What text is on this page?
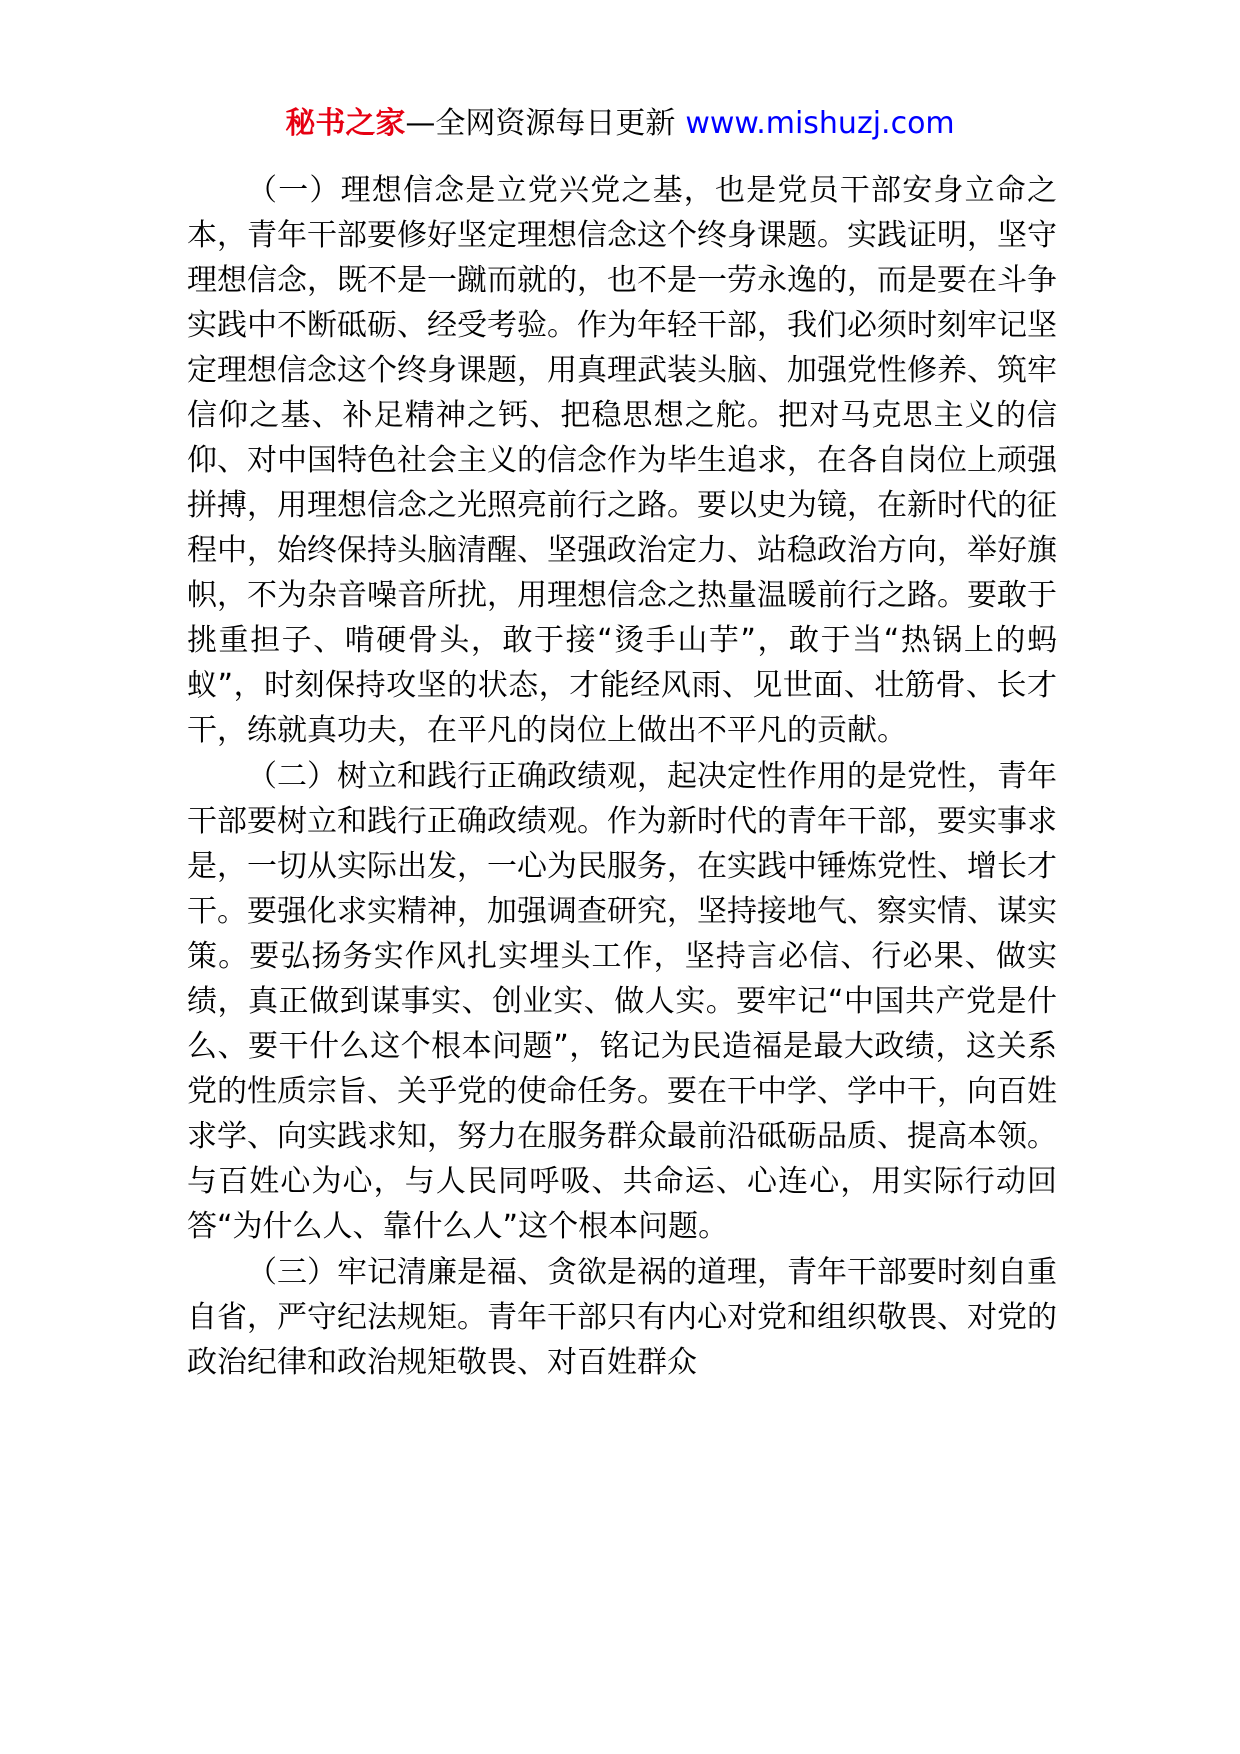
秘书之家—全网资源每日更新 www.mishuzj.com

（一）理想信念是立党兴党之基，也是党员干部安身立命之本，青年干部要修好坚定理想信念这个终身课题。实践证明，坚守理想信念，既不是一蹴而就的，也不是一劳永逸的，而是要在斗争实践中不断砥砺、经受考验。作为年轻干部，我们必须时刻牢记坚定理想信念这个终身课题，用真理武装头脑、加强党性修养、筑牢信仰之基、补足精神之钙、把稳思想之舵。把对马克思主义的信仰、对中国特色社会主义的信念作为毕生追求，在各自岗位上顽强拼搏，用理想信念之光照亮前行之路。要以史为镜，在新时代的征程中，始终保持头脑清醒、坚强政治定力、站稳政治方向，举好旗帜，不为杂音噪音所扰，用理想信念之热量温暖前行之路。要敢于挑重担子、啃硬骨头，敢于接“烫手山芋”，敢于当“热锅上的蚂蚁”，时刻保持攻坚的状态，才能经风雨、见世面、壮筋骨、长才干，练就真功夫，在平凡的岗位上做出不平凡的贡献。

（二）树立和践行正确政绩观，起决定性作用的是党性，青年干部要树立和践行正确政绩观。作为新时代的青年干部，要实事求是，一切从实际出发，一心为民服务，在实践中锤炼党性、增长才干。要强化求实精神，加强调查研究，坚持接地气、察实情、谋实策。要弘扬务实作风扎实埋头工作，坚持言必信、行必果、做实绩，真正做到谋事实、创业实、做人实。要牢记“中国共产党是什么、要干什么这个根本问题”，铭记为民造福是最大政绩，这关系党的性质宗旨、关乎党的使命任务。要在干中学、学中干，向百姓求学、向实践求知，努力在服务群众最前沿砥砺品质、提高本领。与百姓心为心，与人民同呼吸、共命运、心连心，用实际行动回答“为什么人、靠什么人”这个根本问题。

（三）牢记清廉是福、贪欲是祸的道理，青年干部要时刻自重自省，严守纪法规矩。青年干部只有内心对党和组织敬畏、对党的政治纪律和政治规矩敬畏、对百姓群众
